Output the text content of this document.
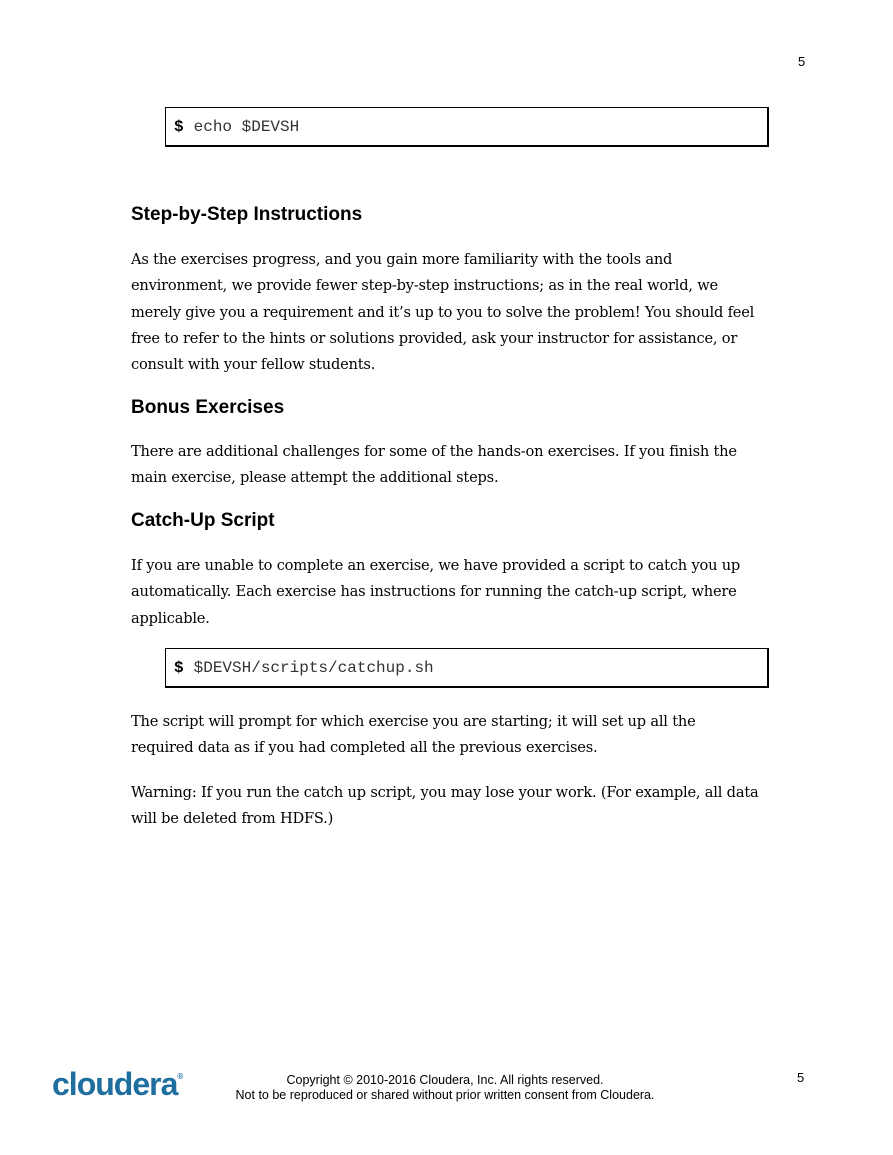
5
$ echo $DEVSH
Step-by-Step Instructions

As the exercises progress, and you gain more familiarity with the tools and environment, we provide fewer step-by-step instructions; as in the real world, we merely give you a requirement and it’s up to you to solve the problem! You should feel free to refer to the hints or solutions provided, ask your instructor for assistance, or consult with your fellow students.

Bonus Exercises

There are additional challenges for some of the hands-on exercises. If you finish the main exercise, please attempt the additional steps.

Catch-Up Script

If you are unable to complete an exercise, we have provided a script to catch you up automatically. Each exercise has instructions for running the catch-up script, where applicable.

$ $DEVSH/scripts/catchup.sh

The script will prompt for which exercise you are starting; it will set up all the required data as if you had completed all the previous exercises.

Warning: If you run the catch up script, you may lose your work. (For example, all data will be deleted from HDFS.)

cloudera®	Copyright © 2010-2016 Cloudera, Inc. All rights reserved.
Not to be reproduced or shared without prior written consent from Cloudera.
5
